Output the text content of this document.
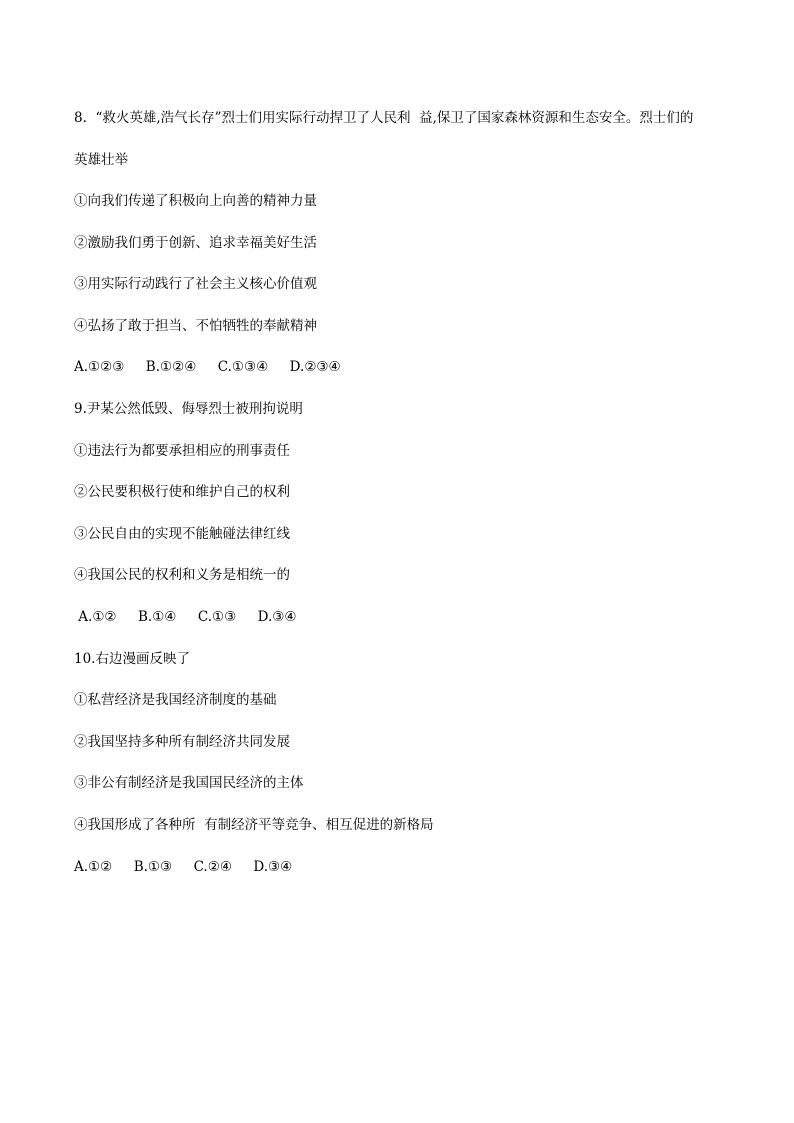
8.  “救火英雄,浩气长存”烈士们用实际行动捍卫了人民利  益,保卫了国家森林资源和生态安全。烈士们的
英雄壮举
①向我们传递了积极向上向善的精神力量
②激励我们勇于创新、追求幸福美好生活
③用实际行动践行了社会主义核心价值观
④弘扬了敢于担当、不怕牺牲的奉献精神
A.①②③     B.①②④     C.①③④     D.②③④
9.尹某公然低毁、侮辱烈士被刑拘说明
①违法行为都要承担相应的刑事责任
②公民要积极行使和维护自己的权利
③公民自由的实现不能触碰法律红线
④我国公民的权利和义务是相统一的
A.①②     B.①④     C.①③     D.③④
10.右边漫画反映了
①私营经济是我国经济制度的基础
②我国坚持多种所有制经济共同发展
③非公有制经济是我国国民经济的主体
④我国形成了各种所  有制经济平等竞争、相互促进的新格局
A.①②     B.①③     C.②④     D.③④
